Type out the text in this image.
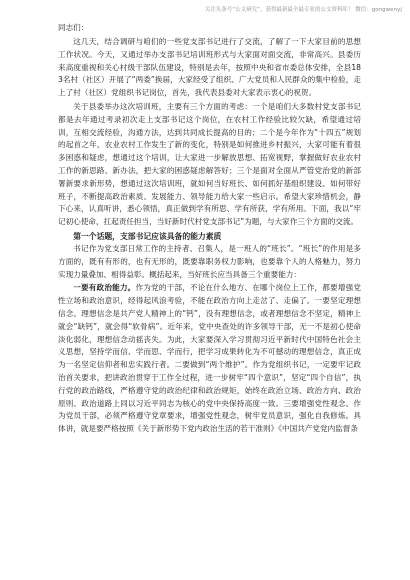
关注头条号“公文研究”，获得最新最全最专业的公文资料库！ 微信：gongwenyj

同志们：

这几天，结合调研与咱们的一些党支部书记进行了交流，了解了一下大家目前的思想工作状况。今天，又通过举办支部书记培训班形式与大家面对面交流，非常高兴。县委历来高度重视和关心村级干部队伍建设，特别是去年，按照中央和省市委总体安排，全县183名村（社区）开展了“两委”换届，大家经受了组织、广大党员和人民群众的集中检验，走上了村（社区）党组织书记岗位，首先，我代表县委对大家表示衷心的祝贺。

关于县委举办这次培训班，主要有三个方面的考虑：一个是咱们大多数村党支部书记都是去年通过考录初次走上支部书记这个岗位，在农村工作经验比较欠缺，希望通过培训，互相交流经验，沟通方法，达到共同成长提高的目的；二个是今年作为“十四五”规划的起首之年，农业农村工作发生了新的变化，特别是如何推进乡村振兴，大家可能有着很多困惑和疑虑，想通过这个培训，让大家进一步解放思想、拓宽视野，掌握做好农业农村工作的新思路、新办法，把大家的困惑疑虑解答好；三个是面对全面从严管党治党的新部署新要求新形势，想通过这次培训班，就如何当好班长、如何抓好基组织建设、如何带好班子，不断提高政治素质、发展能力、领导能力给大家一些启示。希望大家珍惜机会，静下心来，认真听讲，悉心领悟，真正做到学有所思、学有所获、学有所用。下面，我以“牢记初心使命，扛起责任担当，当好新时代村党支部书记”为题，与大家作三个方面的交流。

第一个话题，支部书记应该具备的能力素质

书记作为党支部日常工作的主持者、召集人，是一班人的“班长”。“班长”的作用是多方面的，既有有形的，也有无形的，既要靠职务权力影响，也要靠个人的人格魅力，努力实现力量叠加、相得益彰。概括起来，当好班长应当具备三个重要能力：

一要有政治能力。作为党的干部，不论在什么地方、在哪个岗位上工作，都要增强党性立场和政治意识，经得起风浪考验，不能在政治方向上走岔了、走偏了。一要坚定理想信念。理想信念是共产党人精神上的“钙”，没有理想信念，或者理想信念不坚定，精神上就会“缺钙”，就会得“软骨病”。近年来，党中央查处的许多领导干部，无一不是初心使命淡化弱化，理想信念动摇丧失。为此，大家要深入学习贯彻习近平新时代中国特色社会主义思想，坚持学而信、学而思、学而行，把学习成果转化为不可撼动的理想信念，真正成为一名坚定信仰者和忠实践行者。二要做到“两个维护”。作为党组织书记，一定要牢记政治首关要求，把讲政治贯穿于工作全过程，进一步树牢“四个意识”，坚定“四个自信”，执行党的政治路线，严格遵守党的政治纪律和政治规矩，始终在政治立场、政治方向、政治原则、政治道路上同以习近平同志为核心的党中央保持高度一致。三要增强党性观念。作为党员干部，必须严格遵守党章要求，增强党性观念，树牢党员意识，强化自我修炼。具体讲，就是要严格按照《关于新形势下党内政治生活的若干准则》《中国共产党党内监督条
